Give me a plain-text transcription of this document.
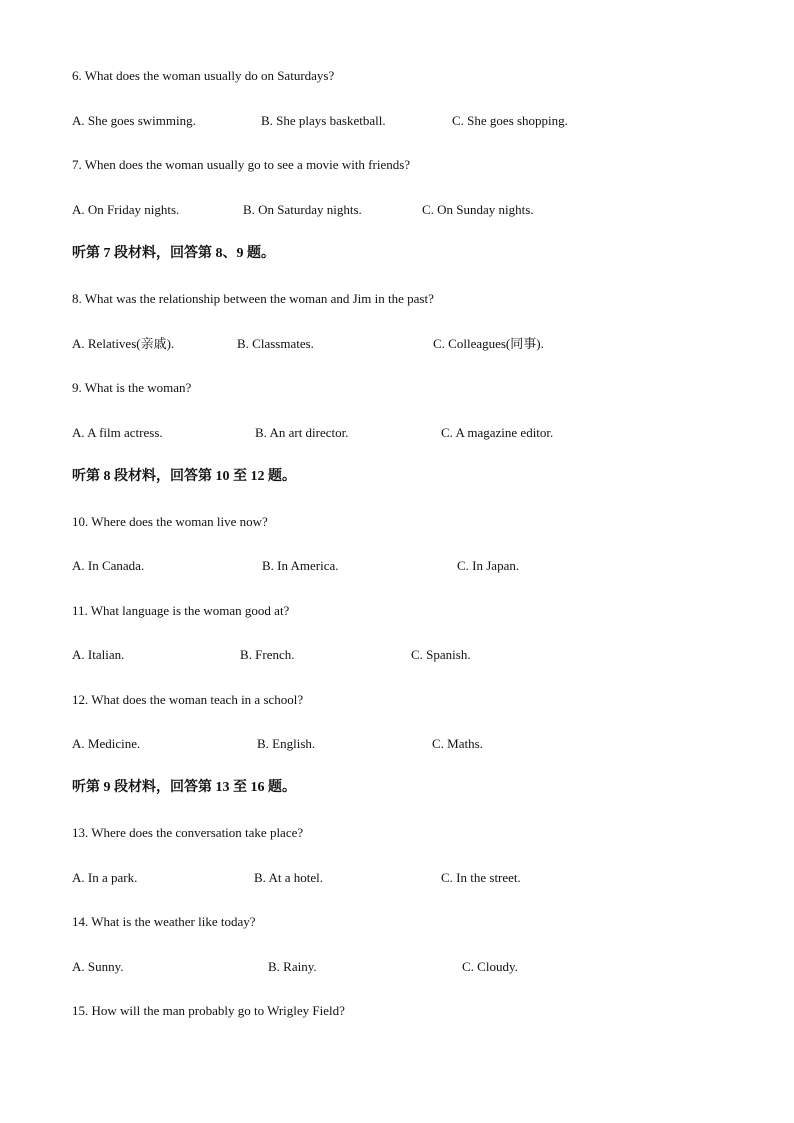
6. What does the woman usually do on Saturdays?
A. She goes swimming.	B. She plays basketball.	C. She goes shopping.
7. When does the woman usually go to see a movie with friends?
A. On Friday nights.	B. On Saturday nights.	C. On Sunday nights.
听第 7 段材料，回答第 8、9 题。
8. What was the relationship between the woman and Jim in the past?
A. Relatives(亲戚).	B. Classmates.	C. Colleagues(同事).
9. What is the woman?
A. A film actress.	B. An art director.	C. A magazine editor.
听第 8 段材料，回答第 10 至 12 题。
10. Where does the woman live now?
A. In Canada.	B. In America.	C. In Japan.
11. What language is the woman good at?
A. Italian.	B. French.	C. Spanish.
12. What does the woman teach in a school?
A. Medicine.	B. English.	C. Maths.
听第 9 段材料，回答第 13 至 16 题。
13. Where does the conversation take place?
A. In a park.	B. At a hotel.	C. In the street.
14. What is the weather like today?
A. Sunny.	B. Rainy.	C. Cloudy.
15. How will the man probably go to Wrigley Field?
